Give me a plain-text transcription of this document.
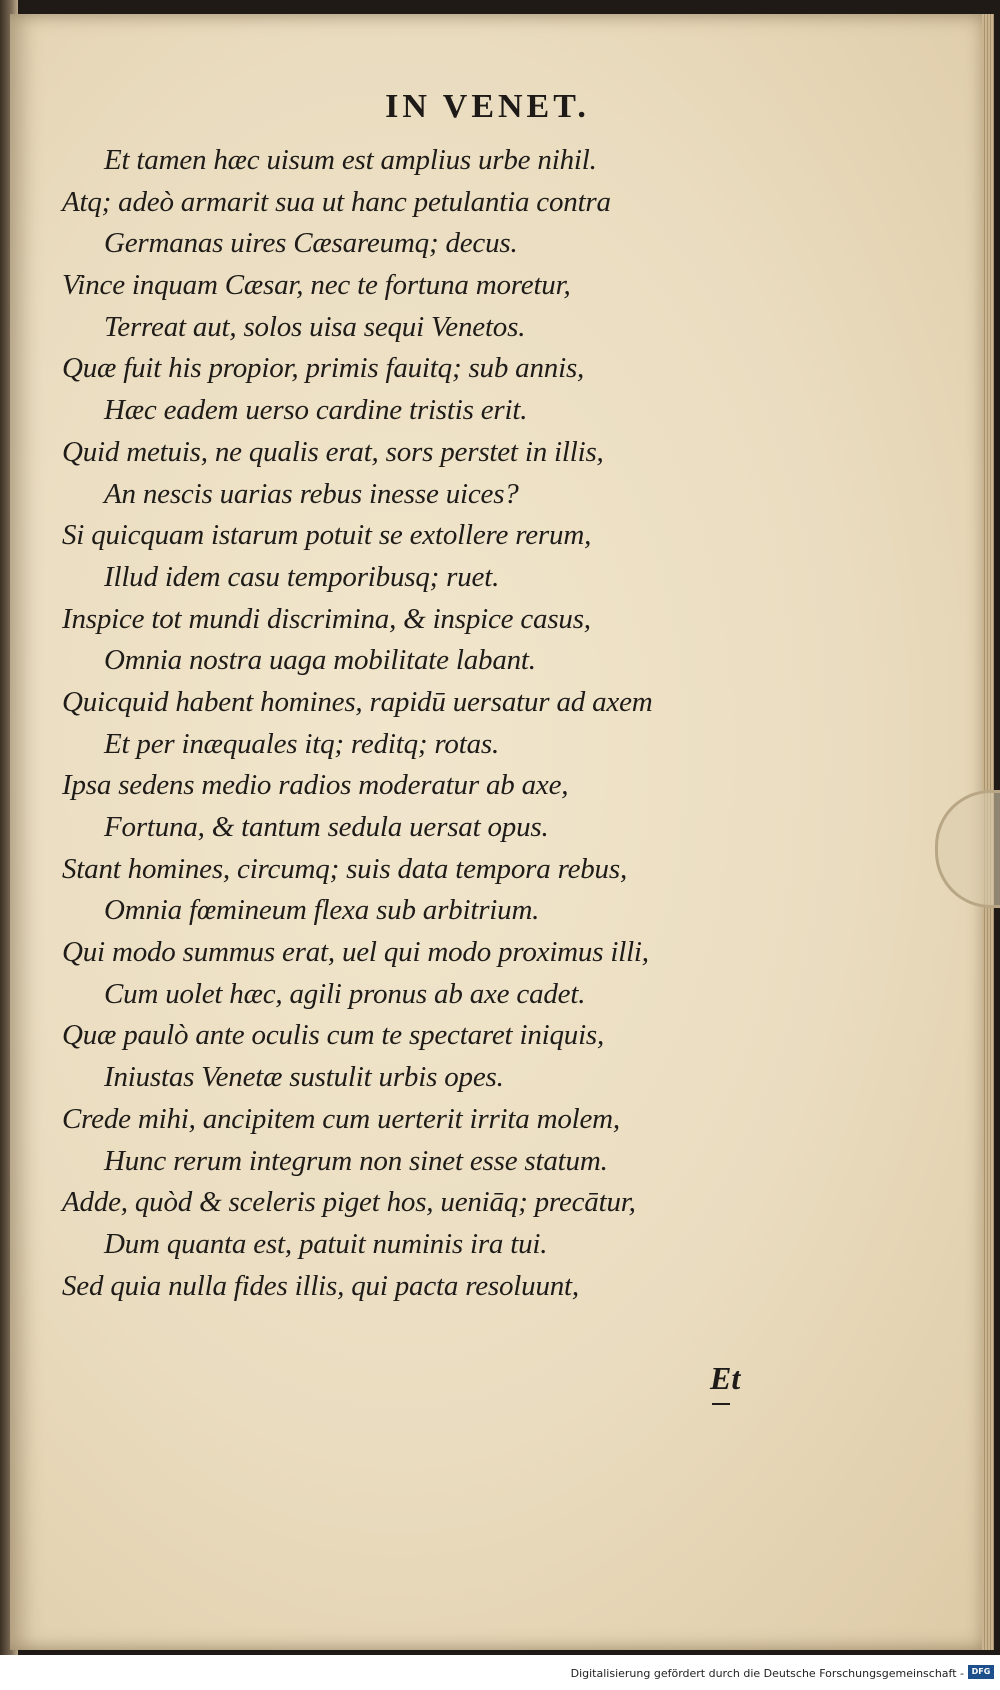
IN VENET.
Et tamen hæc uisum est amplius urbe nihil.
Atq; adeò armarit sua ut hanc petulantia contra
Germanas uires Cæsareumq; decus.
Vince inquam Cæsar, nec te fortuna moretur,
Terreat aut, solos uisa sequi Venetos.
Quæ fuit his propior, primis fauitq; sub annis,
Hæc eadem uerso cardine tristis erit.
Quid metuis, ne qualis erat, sors perstet in illis,
An nescis uarias rebus inesse uices?
Si quicquam istarum potuit se extollere rerum,
Illud idem casu temporibusq; ruet.
Inspice tot mundi discrimina, & inspice casus,
Omnia nostra uaga mobilitate labant.
Quicquid habent homines, rapidū uersatur ad axem
Et per inæquales itq; reditq; rotas.
Ipsa sedens medio radios moderatur ab axe,
Fortuna, & tantum sedula uersat opus.
Stant homines, circumq; suis data tempora rebus,
Omnia fœmineum flexa sub arbitrium.
Qui modo summus erat, uel qui modo proximus illi,
Cum uolet hæc, agili pronus ab axe cadet.
Quæ paulò ante oculis cum te spectaret iniquis,
Iniustas Venetæ sustulit urbis opes.
Crede mihi, ancipitem cum uerterit irrita molem,
Hunc rerum integrum non sinet esse statum.
Adde, quòd & sceleris piget hos, ueniāq; precātur,
Dum quanta est, patuit numinis ira tui.
Sed quia nulla fides illis, qui pacta resoluunt,
Et
Digitalisierung gefördert durch die Deutsche Forschungsgemeinschaft - DFG
